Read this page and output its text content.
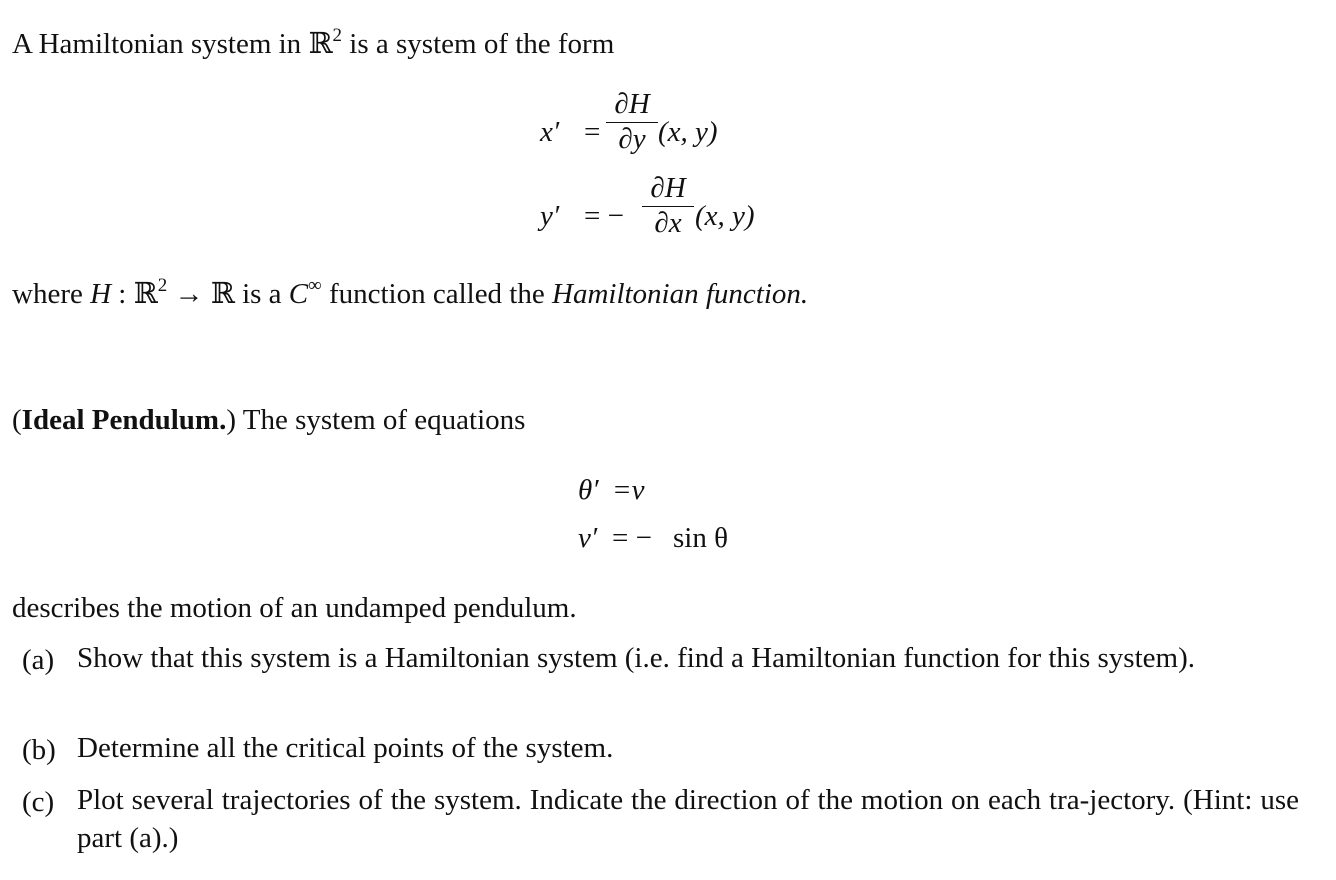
A Hamiltonian system in ℝ$^2$ is a system of the form
x′ =
∂H
∂y (x, y)
y′ = −
∂H
∂x (x, y)
where H : ℝ$^2$ → ℝ is a C∞ function called the Hamiltonian function.
(Ideal Pendulum.) The system of equations
θ′ =ν
ν′ = − sin θ
describes the motion of an undamped pendulum.
(a) Show that this system is a Hamiltonian system (i.e. find a Hamiltonian function for this system).
(b) Determine all the critical points of the system.
(c) Plot several trajectories of the system. Indicate the direction of the motion on each tra-jectory. (Hint: use part (a).)
